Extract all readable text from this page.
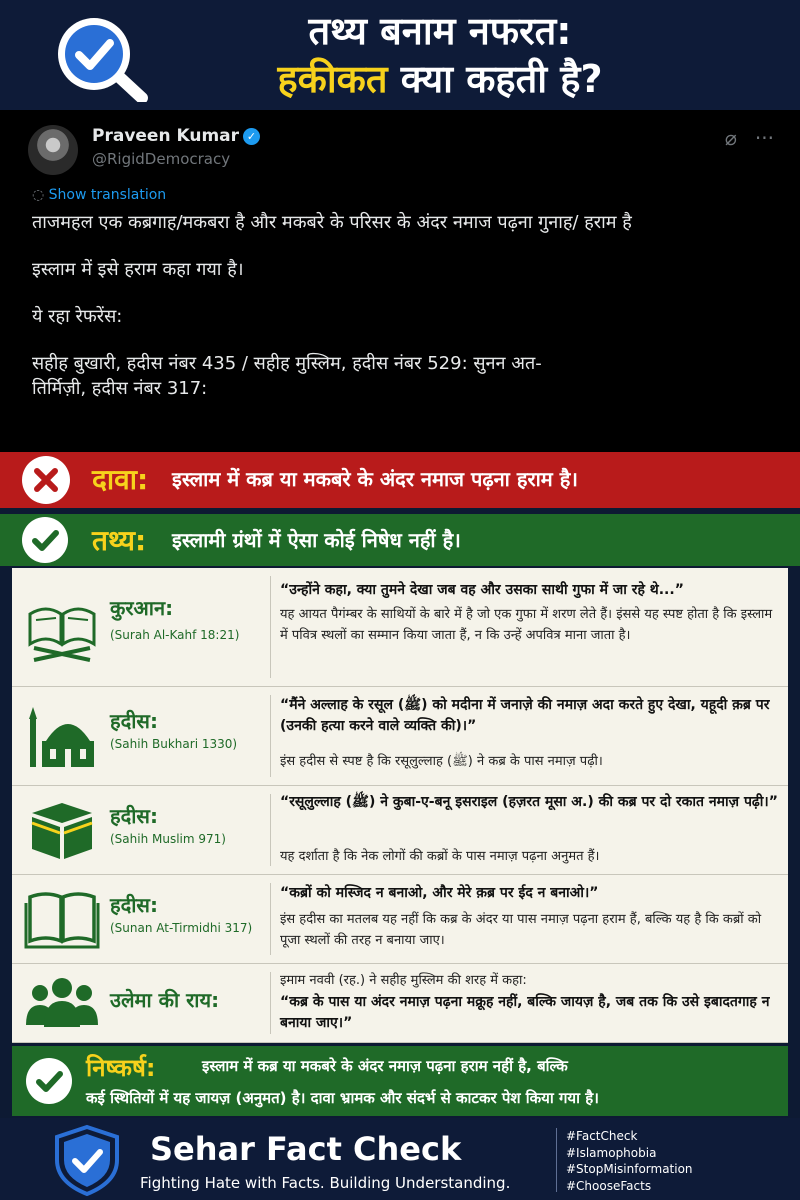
तथ्य बनाम नफरत:
हकीकत क्या कहती है?
Praveen Kumar ✓
@RigidDemocracy
⌀ ···
◌ Show translation

ताजमहल एक कब्रगाह/मकबरा है और मकबरे के परिसर के अंदर नमाज पढ़ना गुनाह/ हराम है

इस्लाम में इसे हराम कहा गया है।

ये रहा रेफरेंस:

सहीह बुखारी, हदीस नंबर 435 / सहीह मुस्लिम, हदीस नंबर 529: सुनन अत-तिर्मिज़ी, हदीस नंबर 317:

दावा: इस्लाम में कब्र या मकबरे के अंदर नमाज पढ़ना हराम है।
तथ्य: इस्लामी ग्रंथों में ऐसा कोई निषेध नहीं है।
कुरआन:
(Surah Al-Kahf 18:21)
“उन्होंने कहा, क्या तुमने देखा जब वह और उसका साथी गुफा में जा रहे थे...”
यह आयत पैगंम्बर के साथियों के बारे में है जो एक गुफा में शरण लेते हैं। इंससे यह स्पष्ट होता है कि इस्लाम में पवित्र स्थलों का सम्मान किया जाता हैं, न कि उन्हें अपवित्र माना जाता है।
हदीस:
(Sahih Bukhari 1330)
“मैंने अल्लाह के रसूल (ﷺ) को मदीना में जनाज़े की नमाज़ अदा करते हुए देखा, यहूदी क़ब्र पर (उनकी हत्या करने वाले व्यक्ति की)।”
इंस हदीस से स्पष्ट है कि रसूलुल्लाह (ﷺ) ने कब्र के पास नमाज़ पढ़ी।
हदीस:
(Sahih Muslim 971)
“रसूलुल्लाह (ﷺ) ने कुबा-ए-बनू इसराइल (हज़रत मूसा अ.) की कब्र पर दो रकात नमाज़ पढ़ी।”
यह दर्शाता है कि नेक लोगों की कब्रों के पास नमाज़ पढ़ना अनुमत हैं।
हदीस:
(Sunan At-Tirmidhi 317)
“कब्रों को मस्जिद न बनाओ, और मेरे क़ब्र पर ईद न बनाओ।”
इंस हदीस का मतलब यह नहीं कि कब्र के अंदर या पास नमाज़ पढ़ना हराम हैं, बल्कि यह है कि कब्रों को पूजा स्थलों की तरह न बनाया जाए।
उलेमा की राय:
इमाम नववी (रह.) ने सहीह मुस्लिम की शरह में कहा:
“कब्र के पास या अंदर नमाज़ पढ़ना मक्रूह नहीं, बल्कि जायज़ है, जब तक कि उसे इबादतगाह न बनाया जाए।”
निष्कर्ष:	इस्लाम में कब्र या मकबरे के अंदर नमाज़ पढ़ना हराम नहीं है, बल्कि
कई स्थितियों में यह जायज़ (अनुमत) है। दावा भ्रामक और संदर्भ से काटकर पेश किया गया है।
Sehar Fact Check
Fighting Hate with Facts. Building Understanding.
#FactCheck
#Islamophobia
#StopMisinformation
#ChooseFacts
